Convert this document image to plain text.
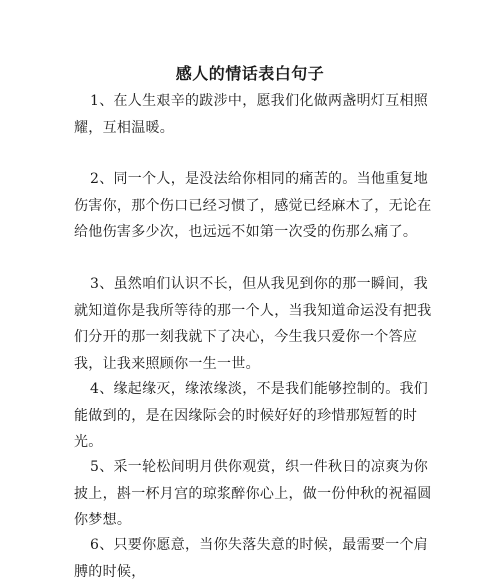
感人的情话表白句子
1、在人生艰辛的跋涉中，愿我们化做两盏明灯互相照耀，互相温暖。
2、同一个人，是没法给你相同的痛苦的。当他重复地伤害你，那个伤口已经习惯了，感觉已经麻木了，无论在给他伤害多少次，也远远不如第一次受的伤那么痛了。
3、虽然咱们认识不长，但从我见到你的那一瞬间，我就知道你是我所等待的那一个人，当我知道命运没有把我们分开的那一刻我就下了决心，今生我只爱你一个答应我，让我来照顾你一生一世。
4、缘起缘灭，缘浓缘淡，不是我们能够控制的。我们能做到的，是在因缘际会的时候好好的珍惜那短暂的时光。
5、采一轮松间明月供你观赏，织一件秋日的凉爽为你披上，斟一杯月宫的琼浆醉你心上，做一份仲秋的祝福圆你梦想。
6、只要你愿意，当你失落失意的时候，最需要一个肩膊的时候，
